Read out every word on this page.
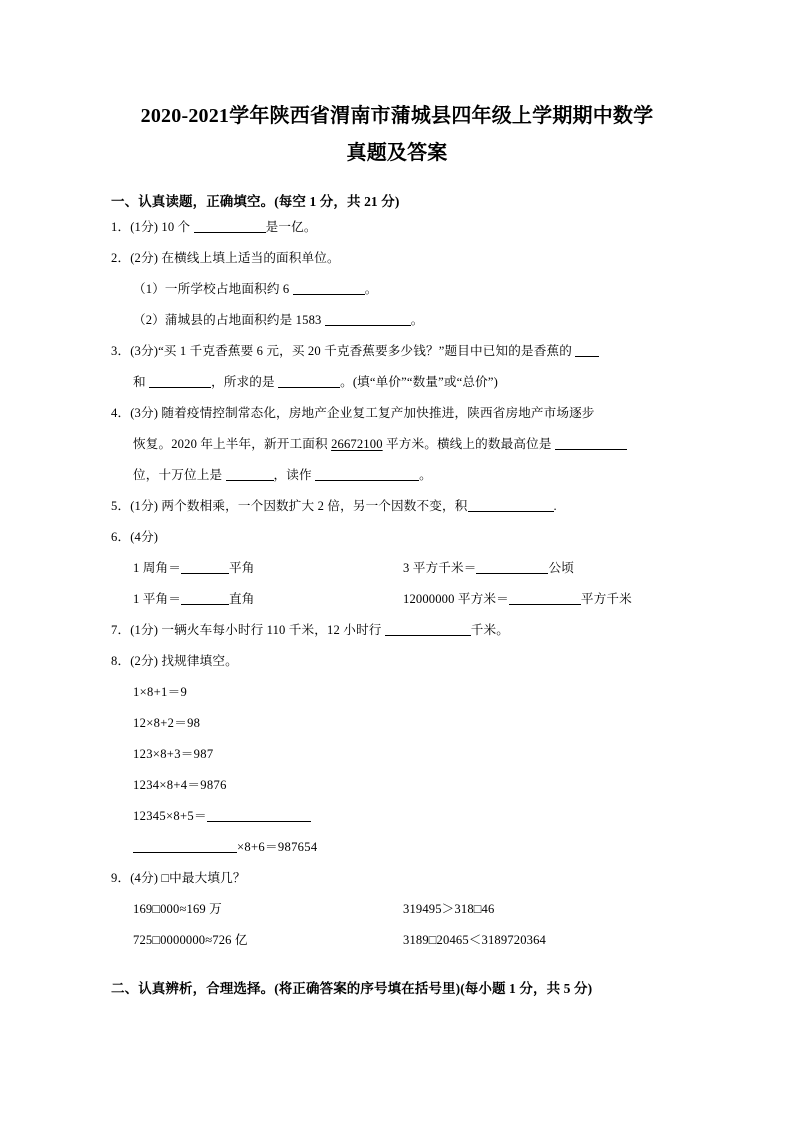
2020-2021学年陕西省渭南市蒲城县四年级上学期期中数学
真题及答案
一、认真读题，正确填空。(每空 1 分，共 21 分)
1．(1分) 10 个	是一亿。
2．(2分) 在横线上填上适当的面积单位。
（1）一所学校占地面积约 6	。
（2）蒲城县的占地面积约是 1583	。
3．(3分)“买 1 千克香蕉要 6 元，买 20 千克香蕉要多少钱？”题目中已知的是香蕉的
和	，所求的是	。(填“单价”“数量”或“总价”)
4．(3分) 随着疫情控制常态化，房地产企业复工复产加快推进，陕西省房地产市场逐步
恢复。2020 年上半年，新开工面积 26672100 平方米。横线上的数最高位是
位，十万位上是	，读作	。
5．(1分) 两个数相乘，一个因数扩大 2 倍，另一个因数不变，积	.
6．(4分)
1 周角＝	平角	3 平方千米＝	公顷
1 平角＝	直角	12000000 平方米＝	平方千米
7．(1分) 一辆火车每小时行 110 千米，12 小时行	千米。
8．(2分) 找规律填空。
1×8+1＝9
12×8+2＝98
123×8+3＝987
1234×8+4＝9876
12345×8+5＝
×8+6＝987654
9．(4分) □中最大填几？
169□000≈169 万	319495＞318□46
725□0000000≈726 亿	3189□20465＜3189720364
二、认真辨析，合理选择。(将正确答案的序号填在括号里)(每小题 1 分，共 5 分)
